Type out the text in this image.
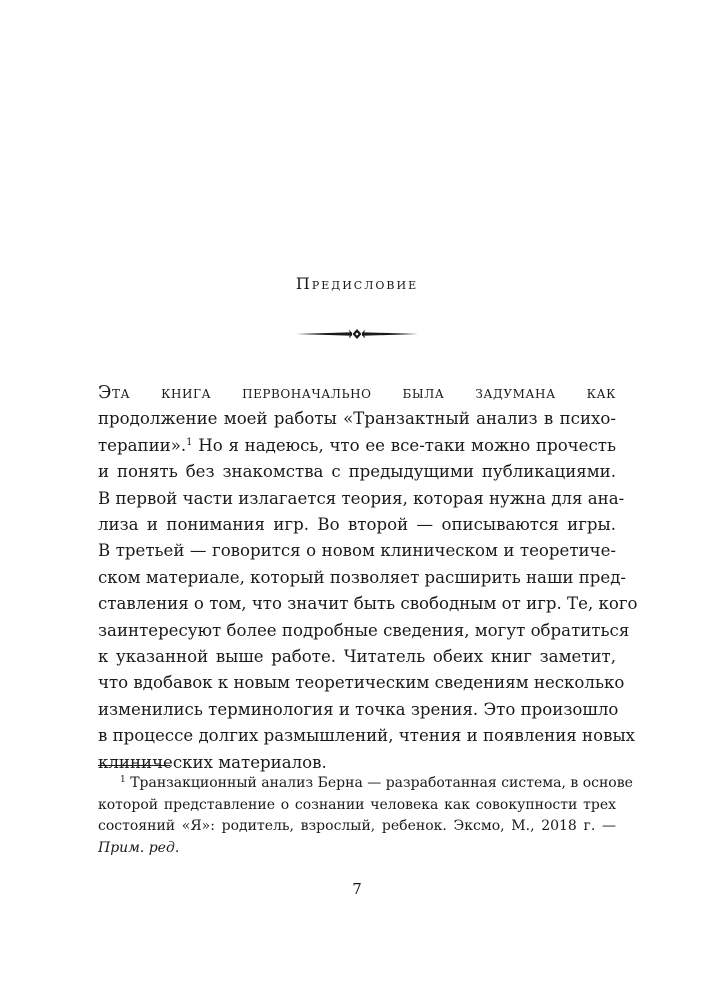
Предисловие
Эта книга первоначально была задумана как
продолжение моей работы «Транзактный анализ в психо-
терапии».$^1$ Но я надеюсь, что ее все-таки можно прочесть
и понять без знакомства с предыдущими публикациями.
В первой части излагается теория, которая нужна для ана-
лиза и понимания игр. Во второй — описываются игры.
В третьей — говорится о новом клиническом и теоретиче-
ском материале, который позволяет расширить наши пред-
ставления о том, что значит быть свободным от игр. Те, кого
заинтересуют более подробные сведения, могут обратиться
к указанной выше работе. Читатель обеих книг заметит,
что вдобавок к новым теоретическим сведениям несколько
изменились терминология и точка зрения. Это произошло
в процессе долгих размышлений, чтения и появления новых
клинических материалов.
$^1$ Транзакционный анализ Берна — разработанная система, в основе
которой представление о сознании человека как совокупности трех
состояний «Я»: родитель, взрослый, ребенок. Эксмо, М., 2018 г. —
Прим. ред.
7
